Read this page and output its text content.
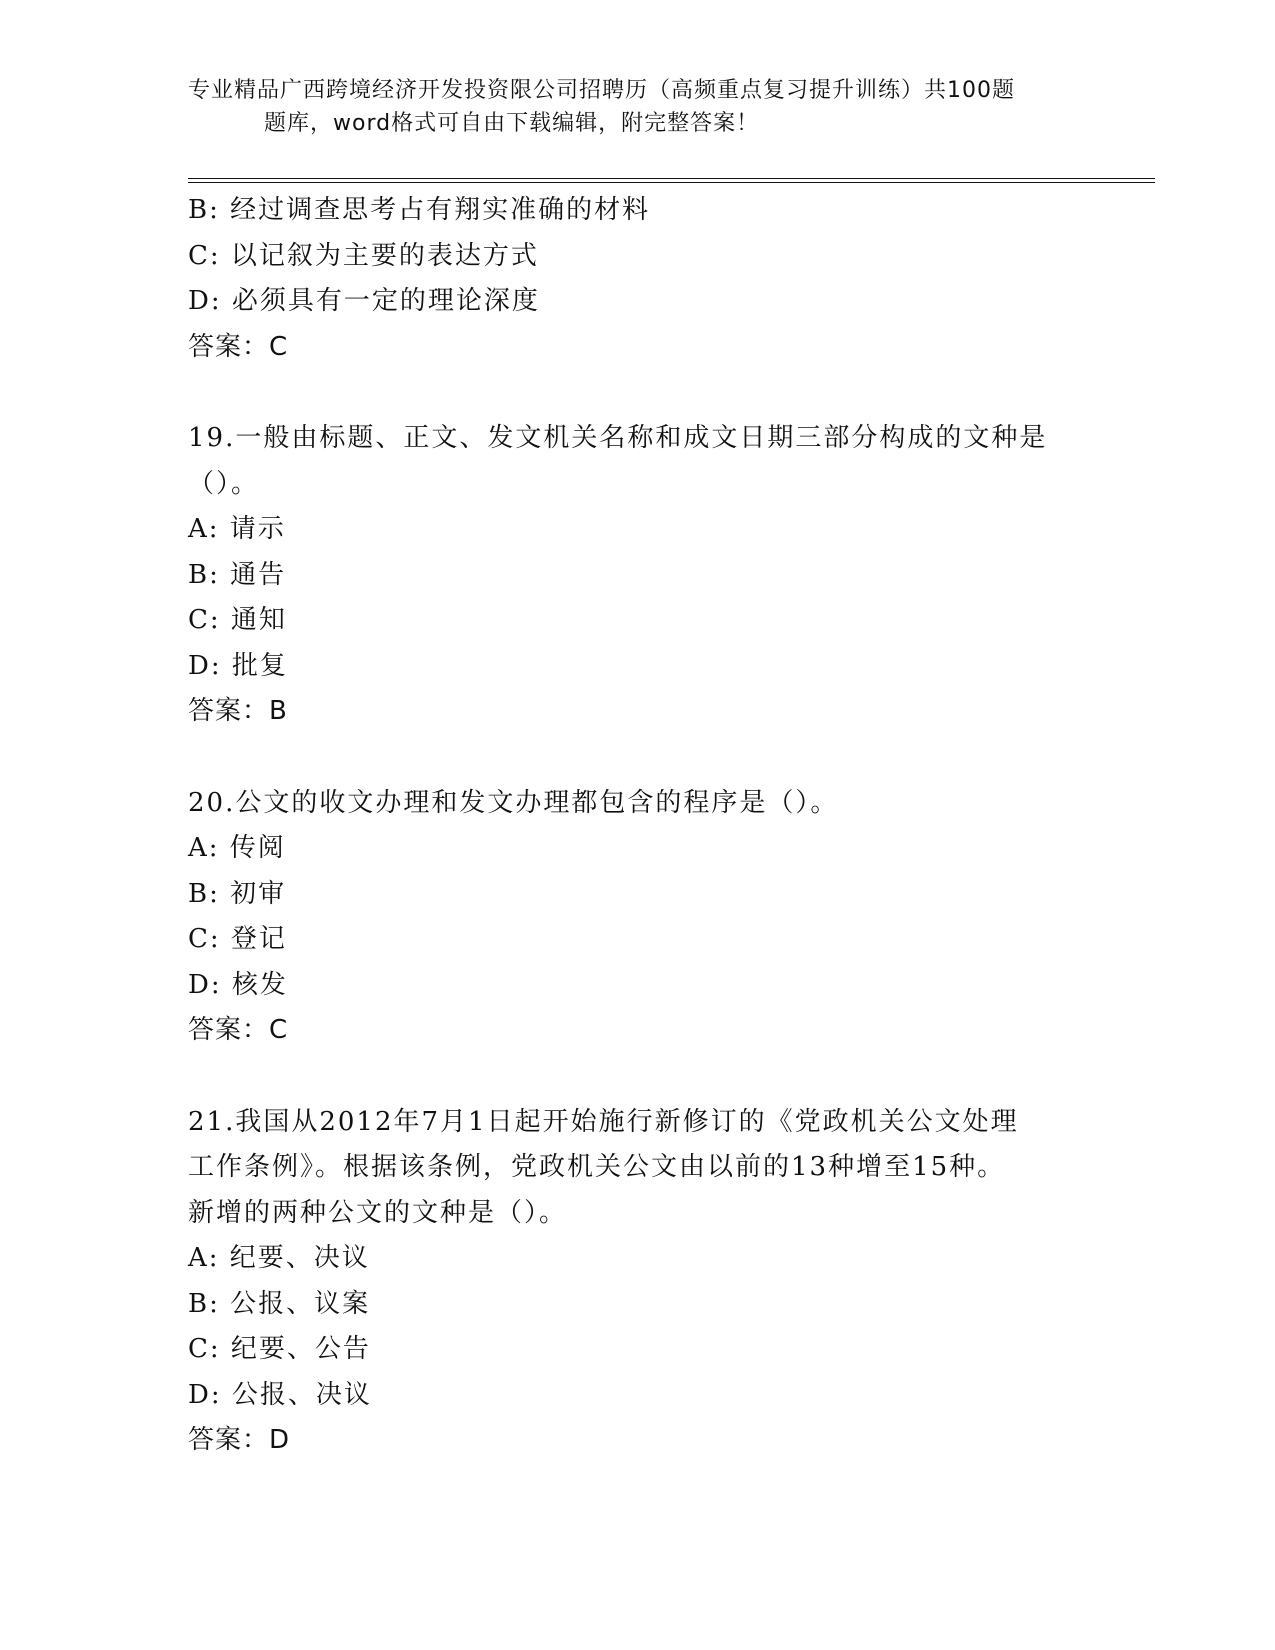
专业精品广西跨境经济开发投资限公司招聘历（高频重点复习提升训练）共100题
题库，word格式可自由下载编辑，附完整答案！
B: 经过调查思考占有翔实准确的材料
C: 以记叙为主要的表达方式
D: 必须具有一定的理论深度
答案：C
19.一般由标题、正文、发文机关名称和成文日期三部分构成的文种是
（）。
A: 请示
B: 通告
C: 通知
D: 批复
答案：B
20.公文的收文办理和发文办理都包含的程序是（）。
A: 传阅
B: 初审
C: 登记
D: 核发
答案：C
21.我国从2012年7月1日起开始施行新修订的《党政机关公文处理
工作条例》。根据该条例，党政机关公文由以前的13种增至15种。
新增的两种公文的文种是（）。
A: 纪要、决议
B: 公报、议案
C: 纪要、公告
D: 公报、决议
答案：D
